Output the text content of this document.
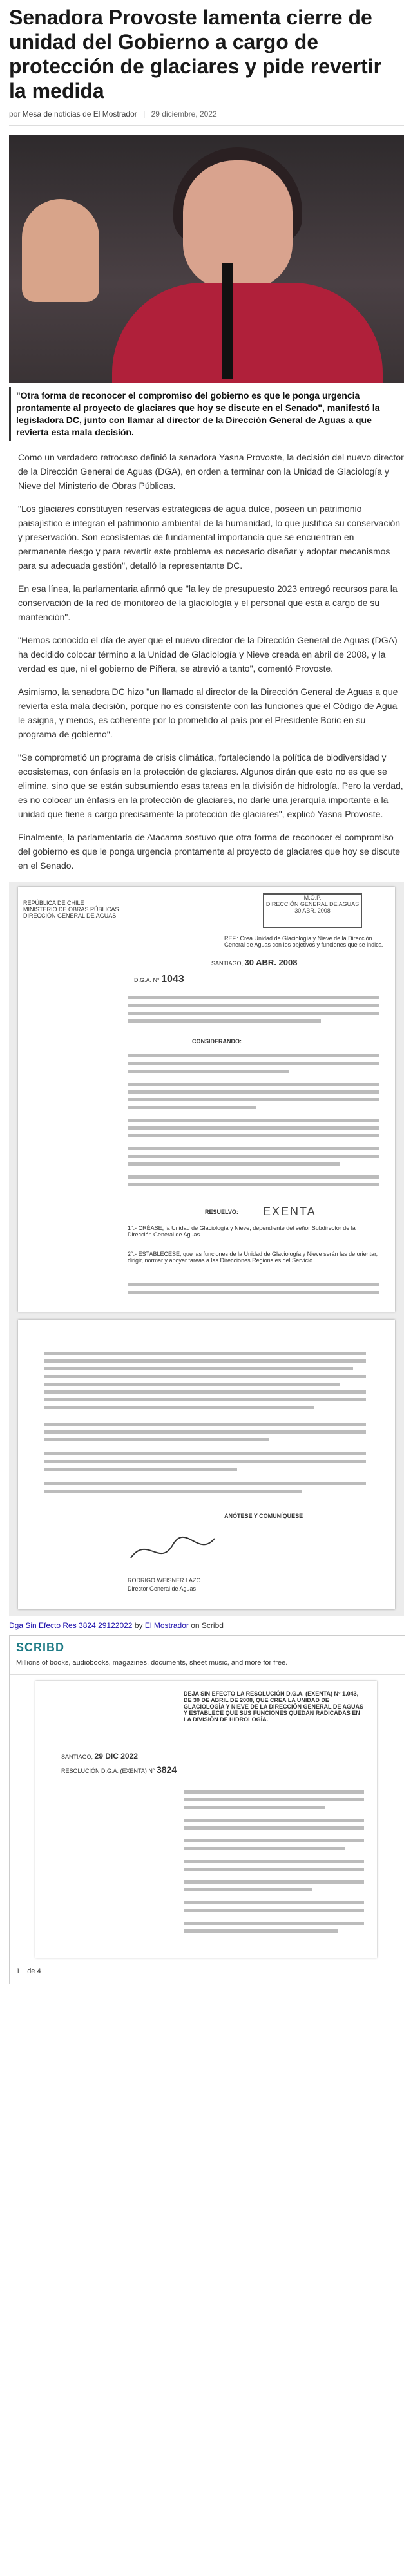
Senadora Provoste lamenta cierre de unidad del Gobierno a cargo de protección de glaciares y pide revertir la medida
por Mesa de noticias de El Mostrador | 29 diciembre, 2022
"Otra forma de reconocer el compromiso del gobierno es que le ponga urgencia prontamente al proyecto de glaciares que hoy se discute en el Senado", manifestó la legisladora DC, junto con llamar al director de la Dirección General de Aguas a que revierta esta mala decisión.

Como un verdadero retroceso definió la senadora Yasna Provoste, la decisión del nuevo director de la Dirección General de Aguas (DGA), en orden a terminar con la Unidad de Glaciología y Nieve del Ministerio de Obras Públicas.

"Los glaciares constituyen reservas estratégicas de agua dulce, poseen un patrimonio paisajístico e integran el patrimonio ambiental de la humanidad, lo que justifica su conservación y preservación. Son ecosistemas de fundamental importancia que se encuentran en permanente riesgo y para revertir este problema es necesario diseñar y adoptar mecanismos para su adecuada gestión", detalló la representante DC.

En esa línea, la parlamentaria afirmó que "la ley de presupuesto 2023 entregó recursos para la conservación de la red de monitoreo de la glaciología y el personal que está a cargo de su mantención".

"Hemos conocido el día de ayer que el nuevo director de la Dirección General de Aguas (DGA) ha decidido colocar término a la Unidad de Glaciología y Nieve creada en abril de 2008, y la verdad es que, ni el gobierno de Piñera, se atrevió a tanto", comentó Provoste.

Asimismo, la senadora DC hizo "un llamado al director de la Dirección General de Aguas a que revierta esta mala decisión, porque no es consistente con las funciones que el Código de Agua le asigna, y menos, es coherente por lo prometido al país por el Presidente Boric en su programa de gobierno".

"Se comprometió un programa de crisis climática, fortaleciendo la política de biodiversidad y ecosistemas, con énfasis en la protección de glaciares. Algunos dirán que esto no es que se elimine, sino que se están subsumiendo esas tareas en la división de hidrología. Pero la verdad, es no colocar un énfasis en la protección de glaciares, no darle una jerarquía importante a la unidad que tiene a cargo precisamente la protección de glaciares", explicó Yasna Provoste.

Finalmente, la parlamentaria de Atacama sostuvo que otra forma de reconocer el compromiso del gobierno es que le ponga urgencia prontamente al proyecto de glaciares que hoy se discute en el Senado.

REPÚBLICA DE CHILE
MINISTERIO DE OBRAS PÚBLICAS
DIRECCIÓN GENERAL DE AGUAS
M.O.P.
DIRECCIÓN GENERAL DE AGUAS
30 ABR. 2008
REF.: Crea Unidad de Glaciología y Nieve de la Dirección General de Aguas con los objetivos y funciones que se indica.
SANTIAGO, 30 ABR. 2008
D.G.A. N° 1043
CONSIDERANDO:
RESUELVO: EXENTA
1°.- CRÉASE, la Unidad de Glaciología y Nieve, dependiente del señor Subdirector de la Dirección General de Aguas.
2°.- ESTABLÉCESE, que las funciones de la Unidad de Glaciología y Nieve serán las de orientar, dirigir, normar y apoyar tareas a las Direcciones Regionales del Servicio.
ANÓTESE Y COMUNÍQUESE
RODRIGO WEISNER LAZO
Director General de Aguas
Dga Sin Efecto Res 3824 29122022 by El Mostrador on Scribd
SCRIBD
Millions of books, audiobooks, magazines, documents, sheet music, and more for free.
DEJA SIN EFECTO LA RESOLUCIÓN D.G.A. (EXENTA) N° 1.043, DE 30 DE ABRIL DE 2008, QUE CREA LA UNIDAD DE GLACIOLOGÍA Y NIEVE DE LA DIRECCIÓN GENERAL DE AGUAS Y ESTABLECE QUE SUS FUNCIONES QUEDAN RADICADAS EN LA DIVISIÓN DE HIDROLOGÍA.
SANTIAGO, 29 DIC 2022
RESOLUCIÓN D.G.A. (EXENTA) N° 3824
1 de 4
